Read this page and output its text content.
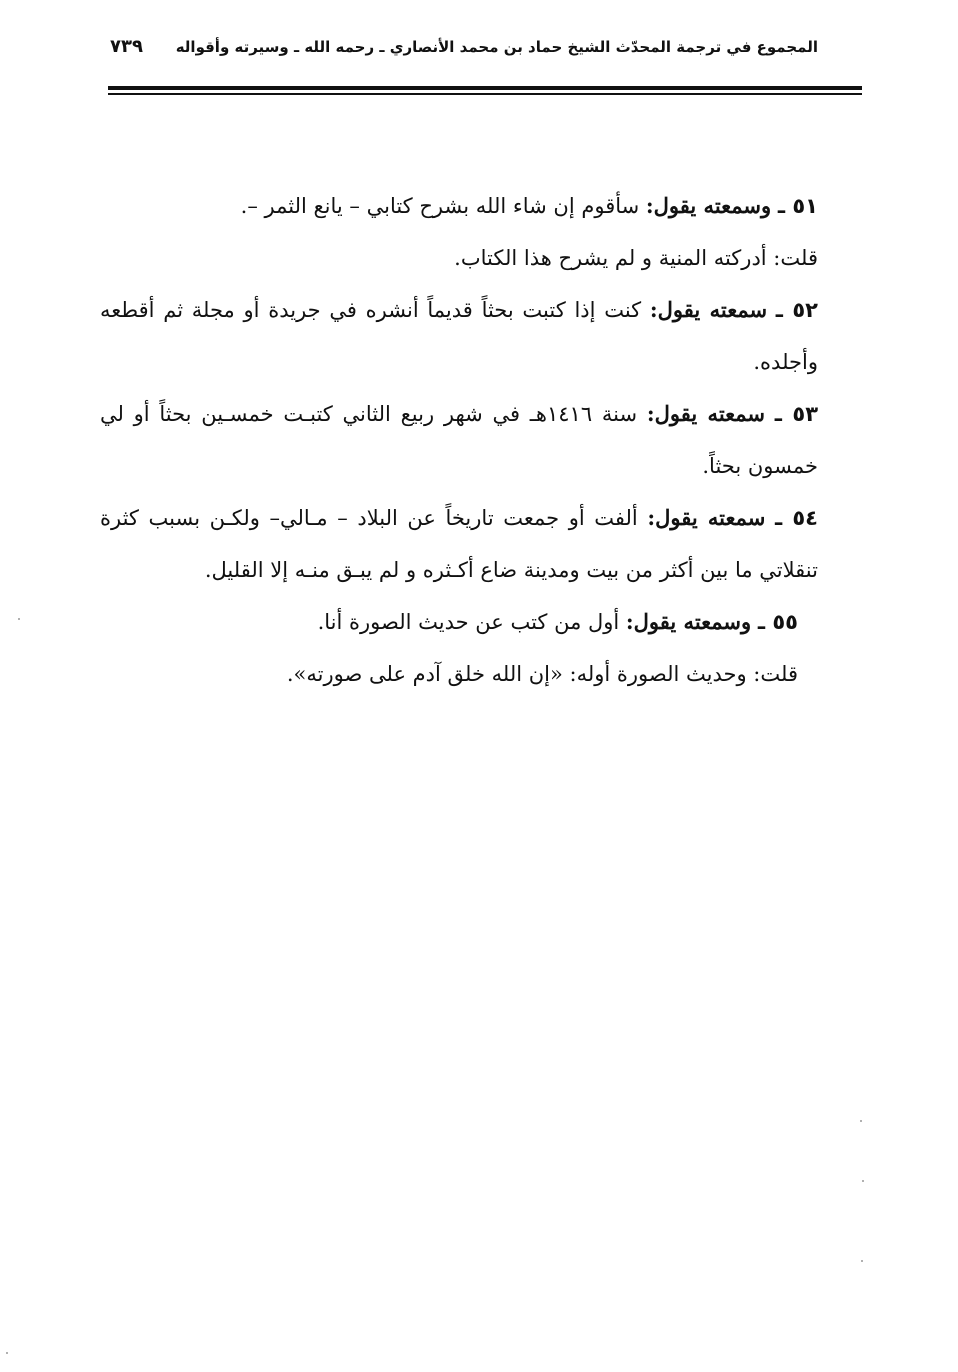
المجموع في ترجمة المحدّث الشيخ حماد بن محمد الأنصاري ـ رحمه الله ـ وسيرته وأقواله
٧٣٩

٥١ ـ وسمعته يقول: سأقوم إن شاء الله بشرح كتابي – يانع الثمر –.

قلت: أدركته المنية و لم يشرح هذا الكتاب.

٥٢ ـ سمعته يقول: كنت إذا كتبت بحثاً قديماً أنشره في جريدة أو مجلة ثم أقطعه وأجلده.

٥٣ ـ سمعته يقول: سنة ١٤١٦هـ في شهر ربيع الثاني كتبـت خمسـين بحثاً أو لي خمسون بحثاً.

٥٤ ـ سمعته يقول: ألفت أو جمعت تاريخاً عن البلاد – مـالي– ولكـن بسبب كثرة تنقلاتي ما بين أكثر من بيت ومدينة ضاع أكـثره و لم يبـق منـه إلا القليل.

٥٥ ـ وسمعته يقول: أول من كتب عن حديث الصورة أنا.

قلت: وحديث الصورة أوله: «إن الله خلق آدم على صورته».
